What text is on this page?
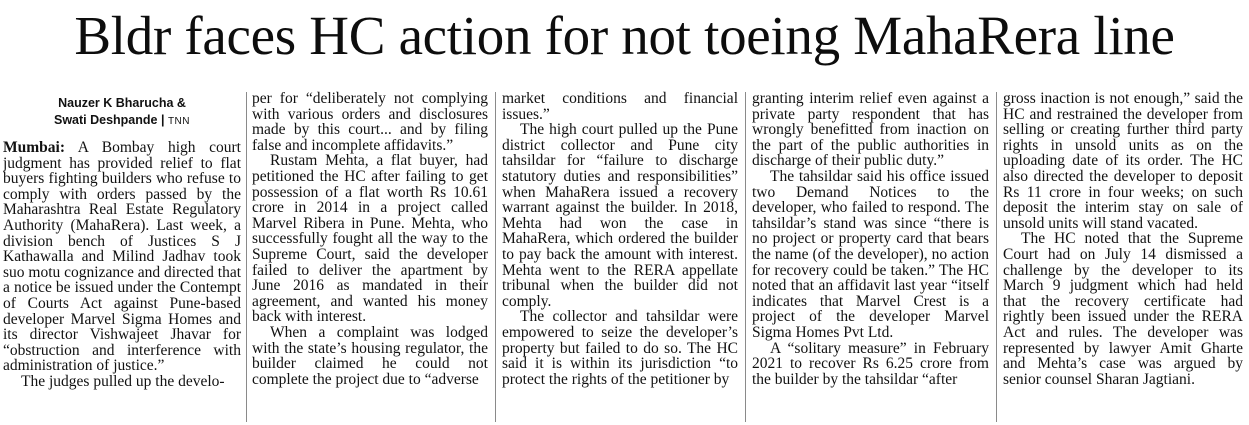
Bldr faces HC action for not toeing MahaRera line
Nauzer K Bharucha &
Swati Deshpande | TNN

Mumbai: A Bombay high court judgment has provided relief to flat buyers fighting builders who refuse to comply with orders passed by the Maharashtra Real Estate Regulatory Authority (MahaRera). Last week, a division bench of Justices S J Kathawalla and Milind Jadhav took suo motu cognizance and directed that a notice be issued under the Contempt of Courts Act against Pune-based developer Marvel Sigma Homes and its director Vishwajeet Jhavar for “obstruction and interference with administration of justice.”

The judges pulled up the develo-

per for “deliberately not complying with various orders and disclosures made by this court... and by filing false and incomplete affidavits.”

Rustam Mehta, a flat buyer, had petitioned the HC after failing to get possession of a flat worth Rs 10.61 crore in 2014 in a project called Marvel Ribera in Pune. Mehta, who successfully fought all the way to the Supreme Court, said the developer failed to deliver the apartment by June 2016 as mandated in their agreement, and wanted his money back with interest.

When a complaint was lodged with the state’s housing regulator, the builder claimed he could not complete the project due to “adverse

market conditions and financial issues.”

The high court pulled up the Pune district collector and Pune city tahsildar for “failure to discharge statutory duties and responsibilities” when MahaRera issued a recovery warrant against the builder. In 2018, Mehta had won the case in MahaRera, which ordered the builder to pay back the amount with interest. Mehta went to the RERA appellate tribunal when the builder did not comply.

The collector and tahsildar were empowered to seize the developer’s property but failed to do so. The HC said it is within its jurisdiction “to protect the rights of the petitioner by

granting interim relief even against a private party respondent that has wrongly benefitted from inaction on the part of the public authorities in discharge of their public duty.”

The tahsildar said his office issued two Demand Notices to the developer, who failed to respond. The tahsildar’s stand was since “there is no project or property card that bears the name (of the developer), no action for recovery could be taken.” The HC noted that an affidavit last year “itself indicates that Marvel Crest is a project of the developer Marvel Sigma Homes Pvt Ltd.

A “solitary measure” in February 2021 to recover Rs 6.25 crore from the builder by the tahsildar “after

gross inaction is not enough,” said the HC and restrained the developer from selling or creating further third party rights in unsold units as on the uploading date of its order. The HC also directed the developer to deposit Rs 11 crore in four weeks; on such deposit the interim stay on sale of unsold units will stand vacated.

The HC noted that the Supreme Court had on July 14 dismissed a challenge by the developer to its March 9 judgment which had held that the recovery certificate had rightly been issued under the RERA Act and rules. The developer was represented by lawyer Amit Gharte and Mehta’s case was argued by senior counsel Sharan Jagtiani.
